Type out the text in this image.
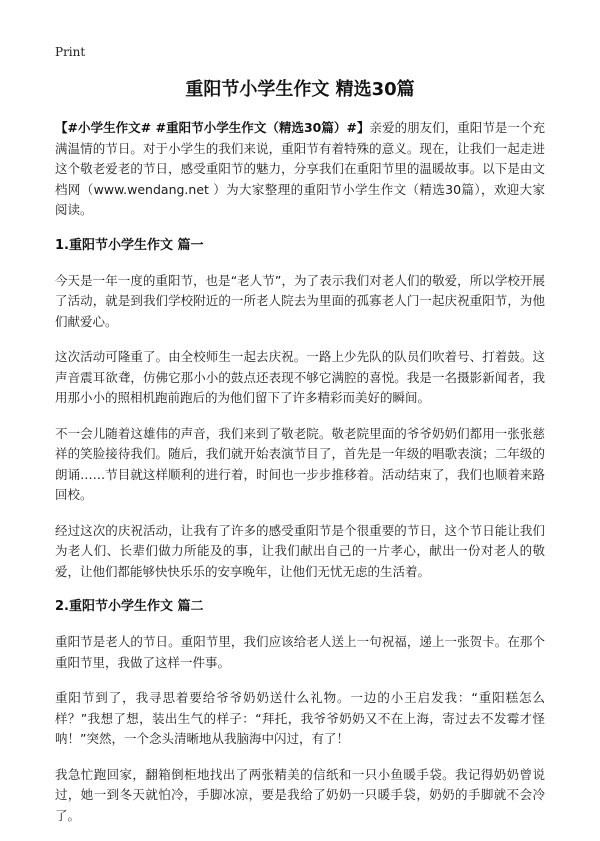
Print
重阳节小学生作文 精选30篇

【#小学生作文# #重阳节小学生作文（精选30篇）#】亲爱的朋友们，重阳节是一个充满温情的节日。对于小学生的我们来说，重阳节有着特殊的意义。现在，让我们一起走进这个敬老爱老的节日，感受重阳节的魅力，分享我们在重阳节里的温暖故事。以下是由文档网（www.wendang.net ）为大家整理的重阳节小学生作文（精选30篇），欢迎大家阅读。

1.重阳节小学生作文 篇一

今天是一年一度的重阳节，也是“老人节”，为了表示我们对老人们的敬爱，所以学校开展了活动，就是到我们学校附近的一所老人院去为里面的孤寡老人门一起庆祝重阳节，为他们献爱心。

这次活动可隆重了。由全校师生一起去庆祝。一路上少先队的队员们吹着号、打着鼓。这声音震耳欲聋，仿佛它那小小的鼓点还表现不够它满腔的喜悦。我是一名摄影新闻者，我用那小小的照相机跑前跑后的为他们留下了许多精彩而美好的瞬间。

不一会儿随着这雄伟的声音，我们来到了敬老院。敬老院里面的爷爷奶奶们都用一张张慈祥的笑脸接待我们。随后，我们就开始表演节目了，首先是一年级的唱歌表演；二年级的朗诵……节目就这样顺利的进行着，时间也一步步推移着。活动结束了，我们也顺着来路回校。

经过这次的庆祝活动，让我有了许多的感受重阳节是个很重要的节日，这个节日能让我们为老人们、长辈们做力所能及的事，让我们献出自己的一片孝心，献出一份对老人的敬爱，让他们都能够快快乐乐的安享晚年，让他们无忧无虑的生活着。

2.重阳节小学生作文 篇二

重阳节是老人的节日。重阳节里，我们应该给老人送上一句祝福，递上一张贺卡。在那个重阳节里，我做了这样一件事。

重阳节到了，我寻思着要给爷爷奶奶送什么礼物。一边的小王启发我：“重阳糕怎么样？”我想了想，装出生气的样子：“拜托，我爷爷奶奶又不在上海，寄过去不发霉才怪呐！”突然，一个念头清晰地从我脑海中闪过，有了！

我急忙跑回家，翻箱倒柜地找出了两张精美的信纸和一只小鱼暖手袋。我记得奶奶曾说过，她一到冬天就怕冷，手脚冰凉，要是我给了奶奶一只暖手袋，奶奶的手脚就不会冷了。
